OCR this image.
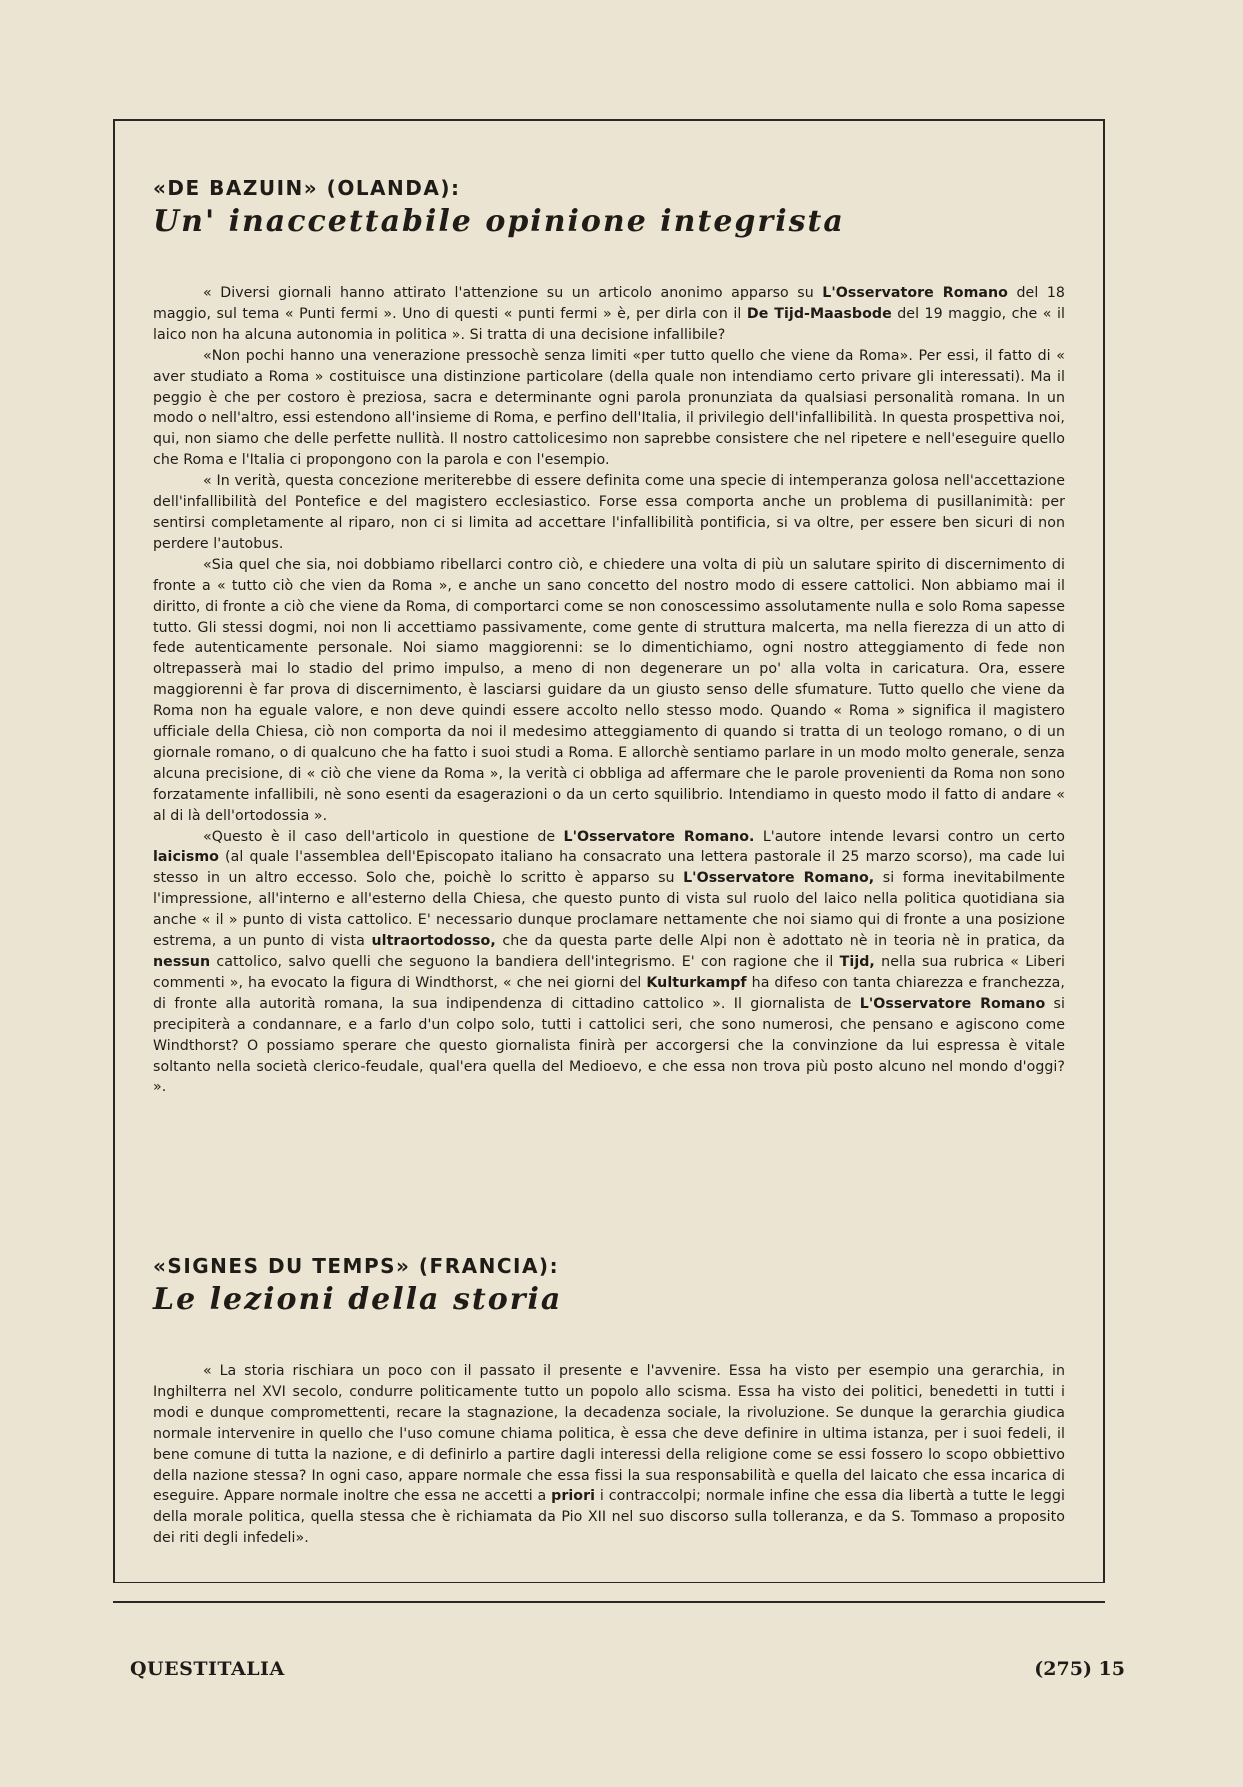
«DE BAZUIN» (OLANDA):

Un' inaccettabile opinione integrista

« Diversi giornali hanno attirato l'attenzione su un articolo anonimo apparso su L'Osservatore Romano del 18 maggio, sul tema « Punti fermi ». Uno di questi « punti fermi » è, per dirla con il De Tijd-Maasbode del 19 maggio, che « il laico non ha alcuna autonomia in politica ». Si tratta di una decisione infallibile?

«Non pochi hanno una venerazione pressochè senza limiti «per tutto quello che viene da Roma». Per essi, il fatto di « aver studiato a Roma » costituisce una distinzione particolare (della quale non intendiamo certo privare gli interessati). Ma il peggio è che per costoro è preziosa, sacra e determinante ogni parola pronunziata da qualsiasi personalità romana. In un modo o nell'altro, essi estendono all'insieme di Roma, e perfino dell'Italia, il privilegio dell'infallibilità. In questa prospettiva noi, qui, non siamo che delle perfette nullità. Il nostro cattolicesimo non saprebbe consistere che nel ripetere e nell'eseguire quello che Roma e l'Italia ci propongono con la parola e con l'esempio.

« In verità, questa concezione meriterebbe di essere definita come una specie di intemperanza golosa nell'accettazione dell'infallibilità del Pontefice e del magistero ecclesiastico. Forse essa comporta anche un problema di pusillanimità: per sentirsi completamente al riparo, non ci si limita ad accettare l'infallibilità pontificia, si va oltre, per essere ben sicuri di non perdere l'autobus.

«Sia quel che sia, noi dobbiamo ribellarci contro ciò, e chiedere una volta di più un salutare spirito di discernimento di fronte a « tutto ciò che vien da Roma », e anche un sano concetto del nostro modo di essere cattolici. Non abbiamo mai il diritto, di fronte a ciò che viene da Roma, di comportarci come se non conoscessimo assolutamente nulla e solo Roma sapesse tutto. Gli stessi dogmi, noi non li accettiamo passivamente, come gente di struttura malcerta, ma nella fierezza di un atto di fede autenticamente personale. Noi siamo maggiorenni: se lo dimentichiamo, ogni nostro atteggiamento di fede non oltrepasserà mai lo stadio del primo impulso, a meno di non degenerare un po' alla volta in caricatura. Ora, essere maggiorenni è far prova di discernimento, è lasciarsi guidare da un giusto senso delle sfumature. Tutto quello che viene da Roma non ha eguale valore, e non deve quindi essere accolto nello stesso modo. Quando « Roma » significa il magistero ufficiale della Chiesa, ciò non comporta da noi il medesimo atteggiamento di quando si tratta di un teologo romano, o di un giornale romano, o di qualcuno che ha fatto i suoi studi a Roma. E allorchè sentiamo parlare in un modo molto generale, senza alcuna precisione, di « ciò che viene da Roma », la verità ci obbliga ad affermare che le parole provenienti da Roma non sono forzatamente infallibili, nè sono esenti da esagerazioni o da un certo squilibrio. Intendiamo in questo modo il fatto di andare « al di là dell'ortodossia ».

«Questo è il caso dell'articolo in questione de L'Osservatore Romano. L'autore intende levarsi contro un certo laicismo (al quale l'assemblea dell'Episcopato italiano ha consacrato una lettera pastorale il 25 marzo scorso), ma cade lui stesso in un altro eccesso. Solo che, poichè lo scritto è apparso su L'Osservatore Romano, si forma inevitabilmente l'impressione, all'interno e all'esterno della Chiesa, che questo punto di vista sul ruolo del laico nella politica quotidiana sia anche « il » punto di vista cattolico. E' necessario dunque proclamare nettamente che noi siamo qui di fronte a una posizione estrema, a un punto di vista ultraortodosso, che da questa parte delle Alpi non è adottato nè in teoria nè in pratica, da nessun cattolico, salvo quelli che seguono la bandiera dell'integrismo. E' con ragione che il Tijd, nella sua rubrica « Liberi commenti », ha evocato la figura di Windthorst, « che nei giorni del Kulturkampf ha difeso con tanta chiarezza e franchezza, di fronte alla autorità romana, la sua indipendenza di cittadino cattolico ». Il giornalista de L'Osservatore Romano si precipiterà a condannare, e a farlo d'un colpo solo, tutti i cattolici seri, che sono numerosi, che pensano e agiscono come Windthorst? O possiamo sperare che questo giornalista finirà per accorgersi che la convinzione da lui espressa è vitale soltanto nella società clerico-feudale, qual'era quella del Medioevo, e che essa non trova più posto alcuno nel mondo d'oggi? ».

«SIGNES DU TEMPS» (FRANCIA):

Le lezioni della storia

« La storia rischiara un poco con il passato il presente e l'avvenire. Essa ha visto per esempio una gerarchia, in Inghilterra nel XVI secolo, condurre politicamente tutto un popolo allo scisma. Essa ha visto dei politici, benedetti in tutti i modi e dunque compromettenti, recare la stagnazione, la decadenza sociale, la rivoluzione. Se dunque la gerarchia giudica normale intervenire in quello che l'uso comune chiama politica, è essa che deve definire in ultima istanza, per i suoi fedeli, il bene comune di tutta la nazione, e di definirlo a partire dagli interessi della religione come se essi fossero lo scopo obbiettivo della nazione stessa? In ogni caso, appare normale che essa fissi la sua responsabilità e quella del laicato che essa incarica di eseguire. Appare normale inoltre che essa ne accetti a priori i contraccolpi; normale infine che essa dia libertà a tutte le leggi della morale politica, quella stessa che è richiamata da Pio XII nel suo discorso sulla tolleranza, e da S. Tommaso a proposito dei riti degli infedeli».

QUESTITALIA	(275) 15
